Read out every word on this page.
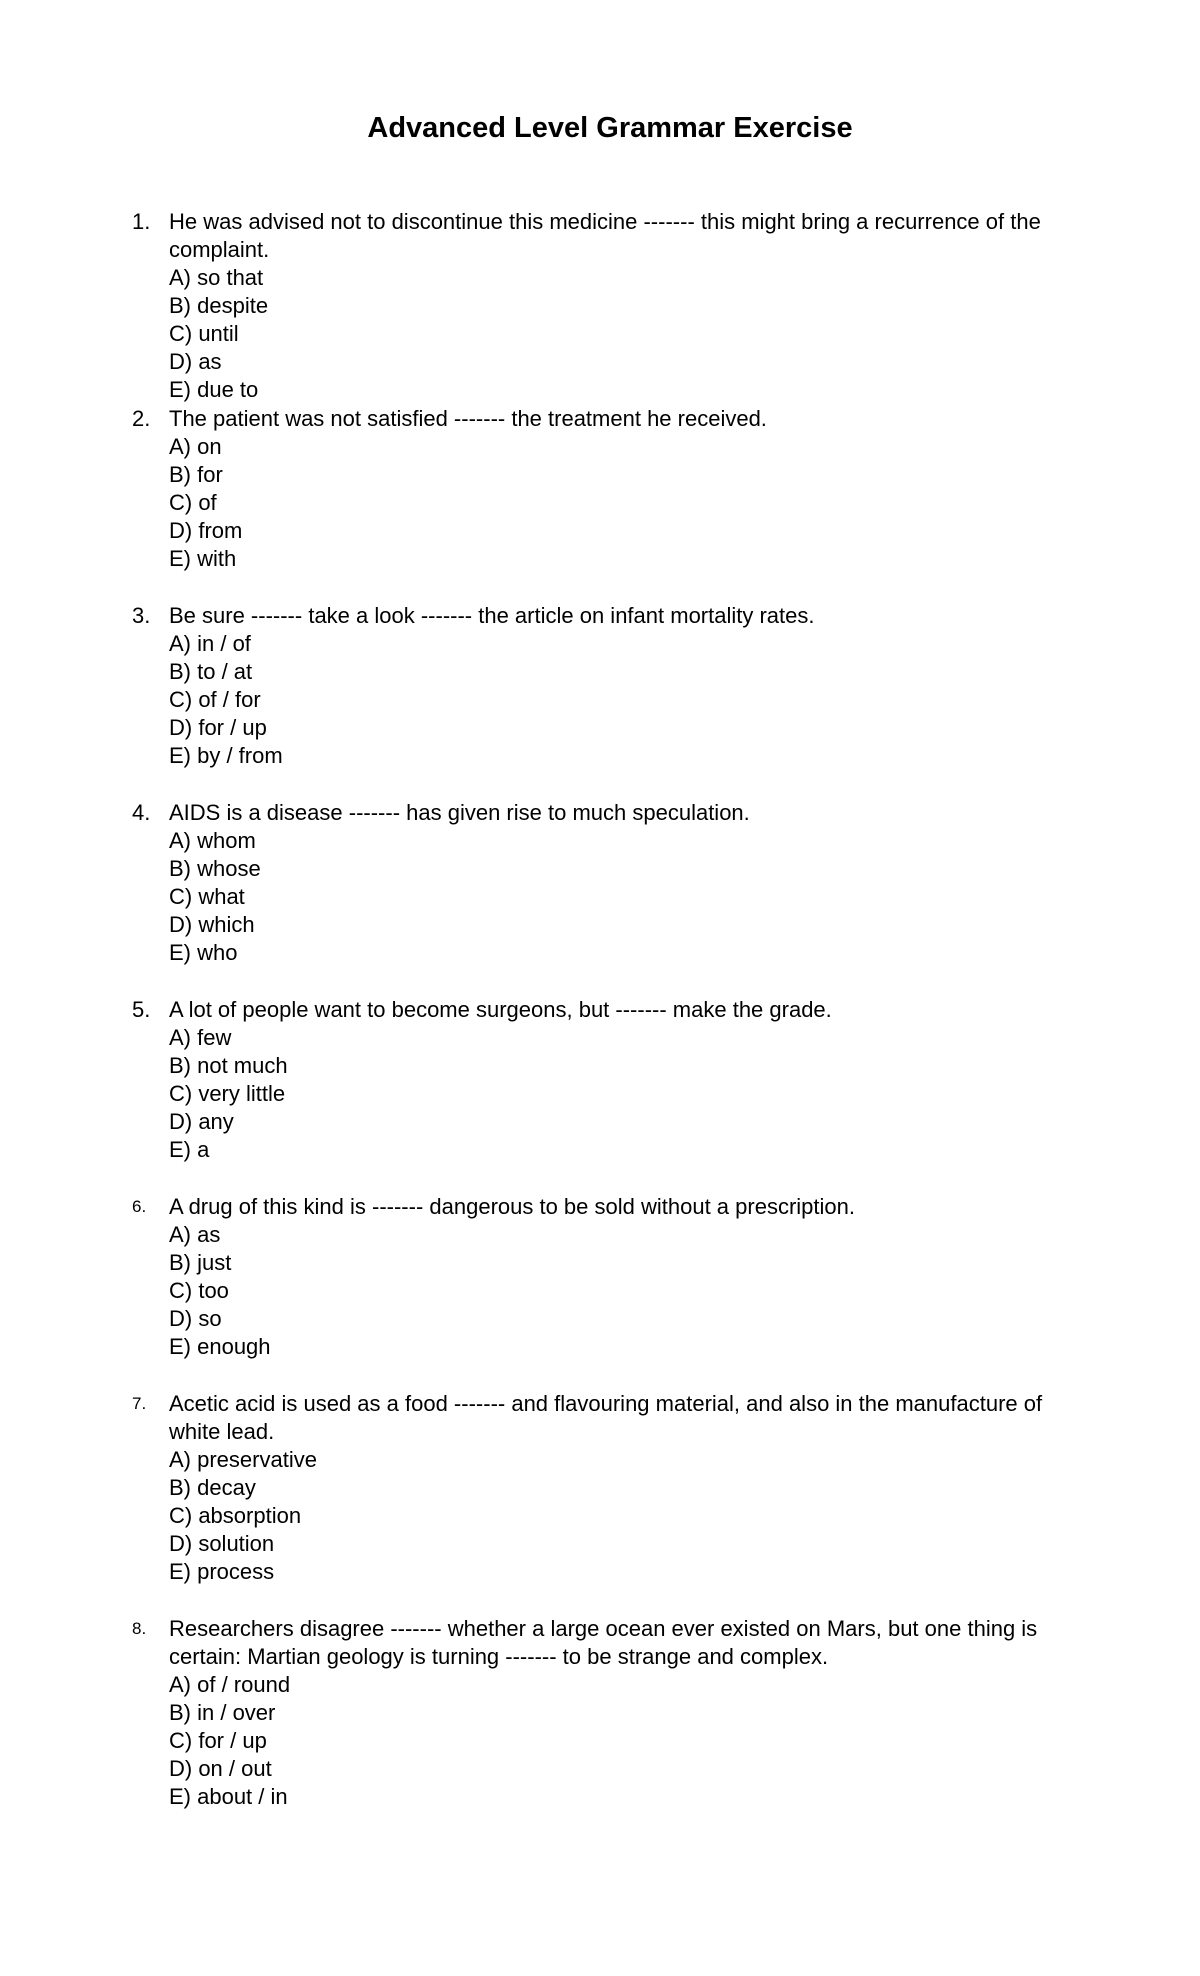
Advanced Level Grammar Exercise
1. He was advised not to discontinue this medicine ------- this might bring a recurrence of the complaint.
A) so that
B) despite
C) until
D) as
E) due to
2. The patient was not satisfied ------- the treatment he received.
A) on
B) for
C) of
D) from
E) with
3. Be sure ------- take a look ------- the article on infant mortality rates.
A) in / of
B) to / at
C) of / for
D) for / up
E) by / from
4. AIDS is a disease ------- has given rise to much speculation.
A) whom
B) whose
C) what
D) which
E) who
5. A lot of people want to become surgeons, but ------- make the grade.
A) few
B) not much
C) very little
D) any
E) a
6. A drug of this kind is ------- dangerous to be sold without a prescription.
A) as
B) just
C) too
D) so
E) enough
7. Acetic acid is used as a food ------- and flavouring material, and also in the manufacture of white lead.
A) preservative
B) decay
C) absorption
D) solution
E) process
8. Researchers disagree ------- whether a large ocean ever existed on Mars, but one thing is certain: Martian geology is turning ------- to be strange and complex.
A) of / round
B) in / over
C) for / up
D) on / out
E) about / in
